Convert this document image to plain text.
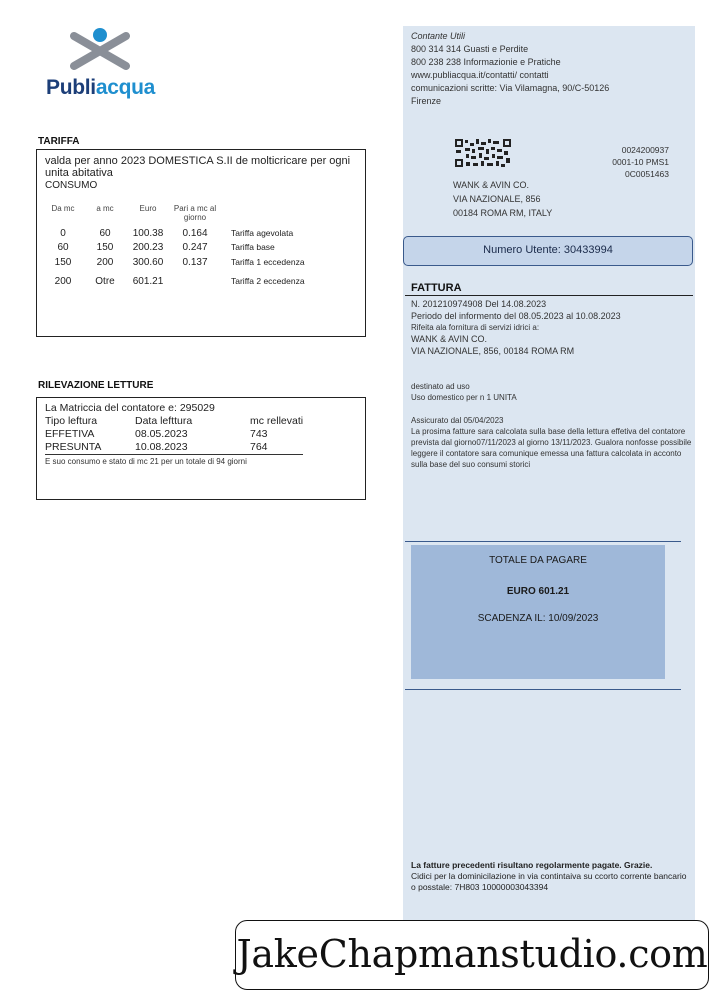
Publiacqua
TARIFFA
valda per anno 2023 DOMESTICA S.II de molticricare per ogni unita abitativa
CONSUMO
Da mc	a mc	Euro	Pari a mc al giorno	
0	60	100.38	0.164	Tariffa agevolata
60	150	200.23	0.247	Tariffa base
150	200	300.60	0.137	Tariffa 1 eccedenza
200	Otre	601.21		Tariffa 2 eccedenza
RILEVAZIONE LETTURE
La Matriccia del contatore e: 295029
Tipo leftura	Data lefttura	mc rellevati
EFFETIVA	08.05.2023	743
PRESUNTA	10.08.2023	764
E suo consumo e stato di mc 21 per un totale di 94 giorni
Contante Utili
800 314 314 Guasti e Perdite
800 238 238 Informazionie e Pratiche
www.publiacqua.it/contatti/ contatti
comunicazioni scritte: Via Vilamagna, 90/C-50126
Firenze
0024200937
0001-10 PMS1
0C0051463
WANK & AVIN CO.
VIA NAZIONALE, 856
00184 ROMA RM, ITALY
Numero Utente: 30433994
FATTURA
N. 201210974908 Del 14.08.2023
Periodo del informento del 08.05.2023 al 10.08.2023
Rifeita ala fornitura di servizi idrici a:
WANK & AVIN CO.
VIA NAZIONALE, 856, 00184 ROMA RM
destinato ad uso
Uso domestico per n 1 UNITA
Assicurato dal 05/04/2023
La prosima fatture sara calcolata sulla base della lettura effetiva del contatore prevista dal giorno07/11/2023 al giorno 13/11/2023. Gualora nonfosse possibile leggere il contatore sara comunique emessa una fattura calcolata in acconto sulla base del suo consumi storici
TOTALE DA PAGARE
EURO 601.21
SCADENZA IL: 10/09/2023
La fatture precedenti risultano regolarmente pagate. Grazie.
Cidici per la dominicilazione in via contintaiva su ccorto corrente bancario o posstale: 7H803 10000003043394
JakeChapmanstudio.com
